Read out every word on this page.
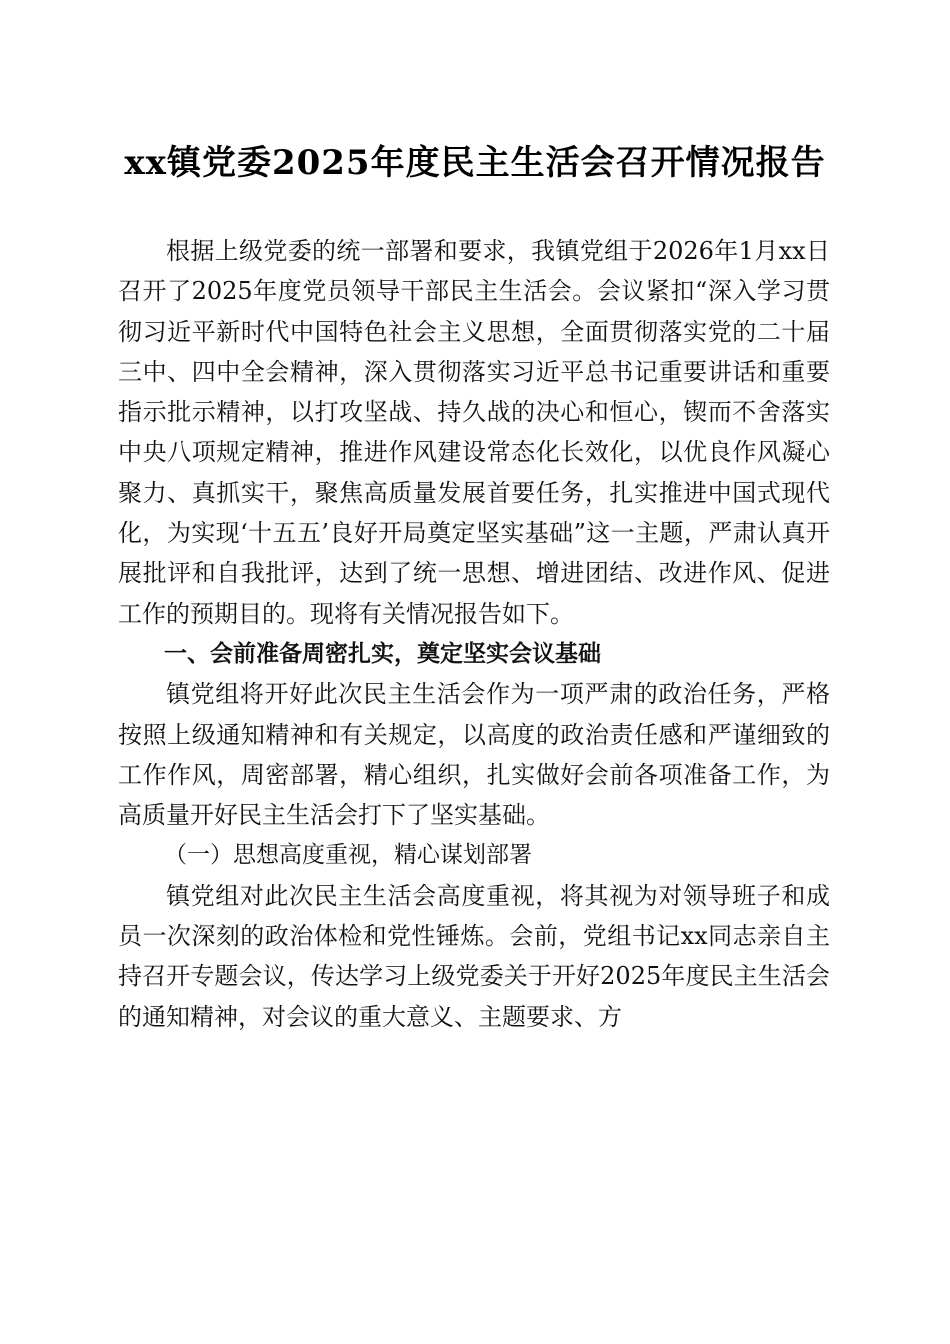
xx镇党委2025年度民主生活会召开情况报告

根据上级党委的统一部署和要求，我镇党组于2026年1月xx日召开了2025年度党员领导干部民主生活会。会议紧扣“深入学习贯彻习近平新时代中国特色社会主义思想，全面贯彻落实党的二十届三中、四中全会精神，深入贯彻落实习近平总书记重要讲话和重要指示批示精神，以打攻坚战、持久战的决心和恒心，锲而不舍落实中央八项规定精神，推进作风建设常态化长效化，以优良作风凝心聚力、真抓实干，聚焦高质量发展首要任务，扎实推进中国式现代化，为实现‘十五五’良好开局奠定坚实基础”这一主题，严肃认真开展批评和自我批评，达到了统一思想、增进团结、改进作风、促进工作的预期目的。现将有关情况报告如下。

一、会前准备周密扎实，奠定坚实会议基础

镇党组将开好此次民主生活会作为一项严肃的政治任务，严格按照上级通知精神和有关规定，以高度的政治责任感和严谨细致的工作作风，周密部署，精心组织，扎实做好会前各项准备工作，为高质量开好民主生活会打下了坚实基础。

（一）思想高度重视，精心谋划部署

镇党组对此次民主生活会高度重视，将其视为对领导班子和成员一次深刻的政治体检和党性锤炼。会前，党组书记xx同志亲自主持召开专题会议，传达学习上级党委关于开好2025年度民主生活会的通知精神，对会议的重大意义、主题要求、方
